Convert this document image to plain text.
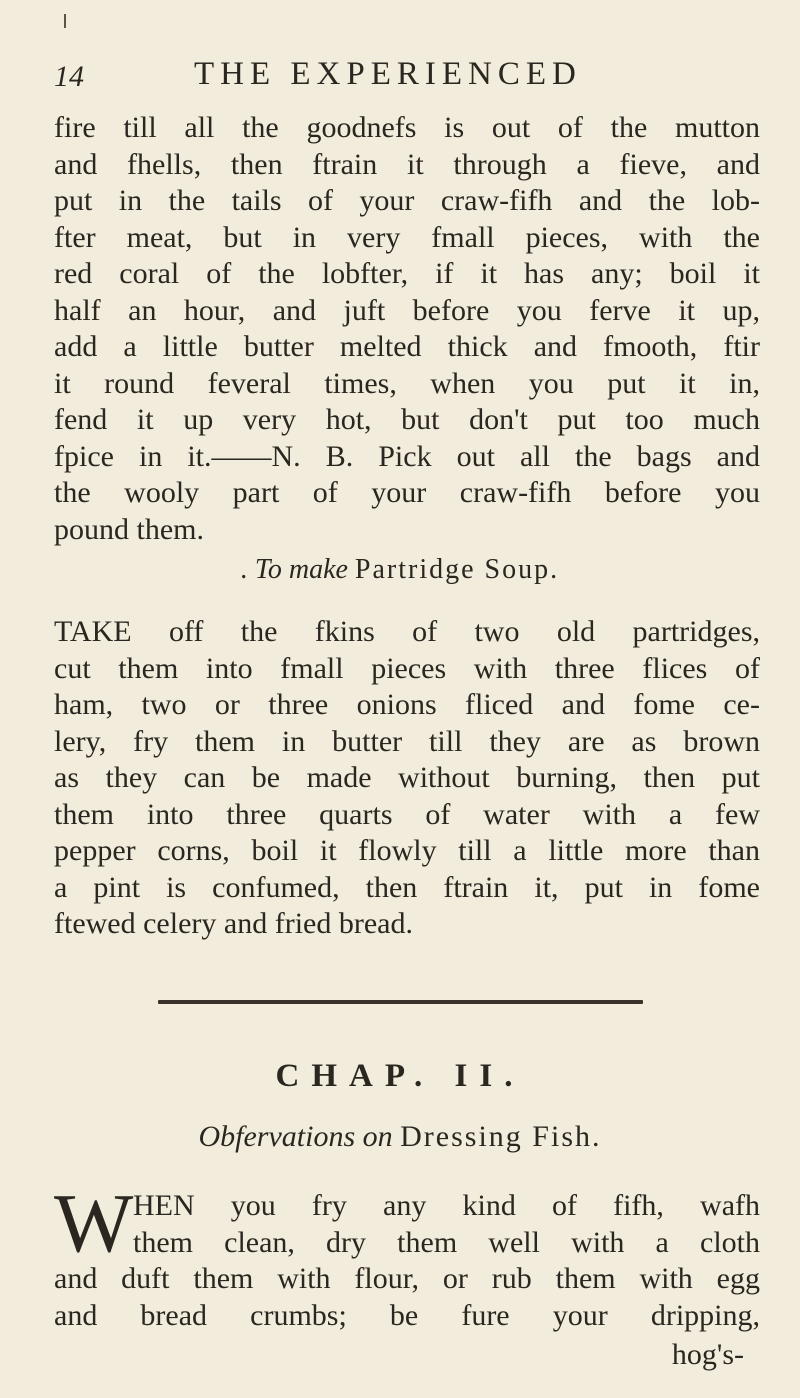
14	THE EXPERIENCED
fire till all the goodnefs is out of the mutton
and fhells, then ftrain it through a fieve, and
put in the tails of your craw-fifh and the lob-
fter meat, but in very fmall pieces, with the
red coral of the lobfter, if it has any; boil it
half an hour, and juft before you ferve it up,
add a little butter melted thick and fmooth, ftir
it round feveral times, when you put it in,
fend it up very hot, but don't put too much
fpice in it.——N. B. Pick out all the bags and
the wooly part of your craw-fifh before you
pound them.
. To make Partridge Soup.
TAKE off the fkins of two old partridges,
cut them into fmall pieces with three flices of
ham, two or three onions fliced and fome ce-
lery, fry them in butter till they are as brown
as they can be made without burning, then put
them into three quarts of water with a few
pepper corns, boil it flowly till a little more than
a pint is confumed, then ftrain it, put in fome
ftewed celery and fried bread.
CHAP. II.
Obfervations on Dressing Fish.
W HEN you fry any kind of fifh, wafh
them clean, dry them well with a cloth
and duft them with flour, or rub them with egg
and bread crumbs; be fure your dripping,
hog's-
